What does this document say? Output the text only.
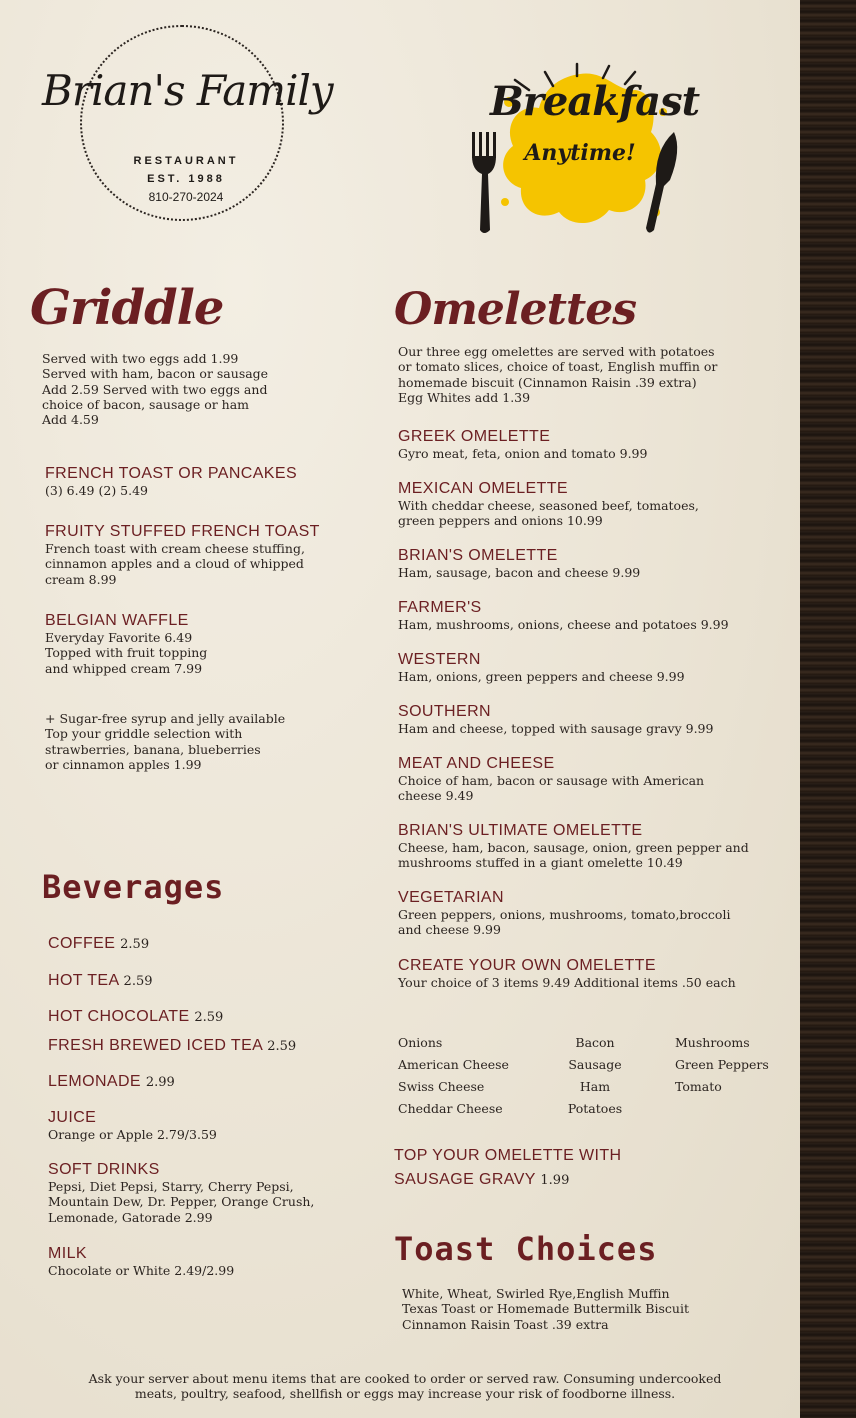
Brian's Family
RESTAURANT
EST. 1988
810-270-2024
Breakfast
Anytime!
Griddle
Served with two eggs add 1.99
Served with ham, bacon or sausage
Add 2.59 Served with two eggs and
choice of bacon, sausage or ham
Add 4.59
FRENCH TOAST OR PANCAKES
(3) 6.49 (2) 5.49
FRUITY STUFFED FRENCH TOAST
French toast with cream cheese stuffing,
cinnamon apples and a cloud of whipped
cream 8.99
BELGIAN WAFFLE
Everyday Favorite 6.49
Topped with fruit topping
and whipped cream 7.99
+ Sugar-free syrup and jelly available
Top your griddle selection with
strawberries, banana, blueberries
or cinnamon apples 1.99
Beverages
COFFEE 2.59
HOT TEA 2.59
HOT CHOCOLATE 2.59
FRESH BREWED ICED TEA 2.59
LEMONADE 2.99
JUICE
Orange or Apple 2.79/3.59
SOFT DRINKS
Pepsi, Diet Pepsi, Starry, Cherry Pepsi,
Mountain Dew, Dr. Pepper, Orange Crush,
Lemonade, Gatorade 2.99
MILK
Chocolate or White 2.49/2.99
Omelettes
Our three egg omelettes are served with potatoes
or tomato slices, choice of toast, English muffin or
homemade biscuit (Cinnamon Raisin .39 extra)
Egg Whites add 1.39
GREEK OMELETTE
Gyro meat, feta, onion and tomato 9.99
MEXICAN OMELETTE
With cheddar cheese, seasoned beef, tomatoes,
green peppers and onions 10.99
BRIAN'S OMELETTE
Ham, sausage, bacon and cheese 9.99
FARMER'S
Ham, mushrooms, onions, cheese and potatoes 9.99
WESTERN
Ham, onions, green peppers and cheese 9.99
SOUTHERN
Ham and cheese, topped with sausage gravy 9.99
MEAT AND CHEESE
Choice of ham, bacon or sausage with American
cheese 9.49
BRIAN'S ULTIMATE OMELETTE
Cheese, ham, bacon, sausage, onion, green pepper and
mushrooms stuffed in a giant omelette 10.49
VEGETARIAN
Green peppers, onions, mushrooms, tomato,broccoli
and cheese 9.99
CREATE YOUR OWN OMELETTE
Your choice of 3 items 9.49 Additional items .50 each
Onions
American Cheese
Swiss Cheese
Cheddar Cheese
Bacon
Sausage
Ham
Potatoes
Mushrooms
Green Peppers
Tomato
TOP YOUR OMELETTE WITH
SAUSAGE GRAVY 1.99
Toast Choices
White, Wheat, Swirled Rye,English Muffin
Texas Toast or Homemade Buttermilk Biscuit
Cinnamon Raisin Toast .39 extra
Ask your server about menu items that are cooked to order or served raw. Consuming undercooked
meats, poultry, seafood, shellfish or eggs may increase your risk of foodborne illness.
